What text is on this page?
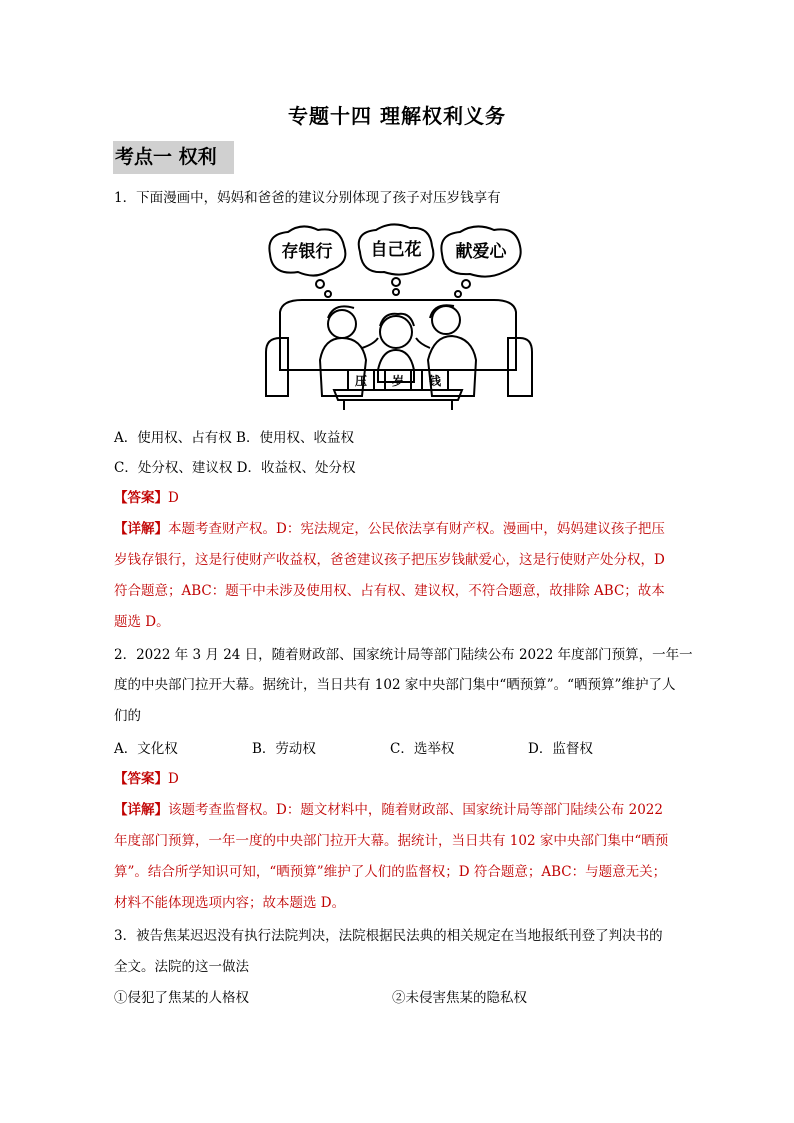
专题十四 理解权利义务
考点一 权利
1．下面漫画中，妈妈和爸爸的建议分别体现了孩子对压岁钱享有
存银行 自己花 献爱心
压 岁 钱
A．使用权、占有权 B．使用权、收益权
C．处分权、建议权 D．收益权、处分权
【答案】D
【详解】本题考查财产权。D：宪法规定，公民依法享有财产权。漫画中，妈妈建议孩子把压
岁钱存银行，这是行使财产收益权，爸爸建议孩子把压岁钱献爱心，这是行使财产处分权，D
符合题意；ABC：题干中未涉及使用权、占有权、建议权，不符合题意，故排除 ABC；故本
题选 D。
2．2022 年 3 月 24 日，随着财政部、国家统计局等部门陆续公布 2022 年度部门预算，一年一
度的中央部门拉开大幕。据统计，当日共有 102 家中央部门集中“晒预算”。“晒预算”维护了人
们的
A．文化权	B．劳动权	C．选举权	D．监督权
【答案】D
【详解】该题考查监督权。D：题文材料中，随着财政部、国家统计局等部门陆续公布 2022
年度部门预算，一年一度的中央部门拉开大幕。据统计，当日共有 102 家中央部门集中“晒预
算”。结合所学知识可知，“晒预算”维护了人们的监督权；D 符合题意；ABC：与题意无关；
材料不能体现选项内容；故本题选 D。
3．被告焦某迟迟没有执行法院判决，法院根据民法典的相关规定在当地报纸刊登了判决书的
全文。法院的这一做法
①侵犯了焦某的人格权	②未侵害焦某的隐私权
